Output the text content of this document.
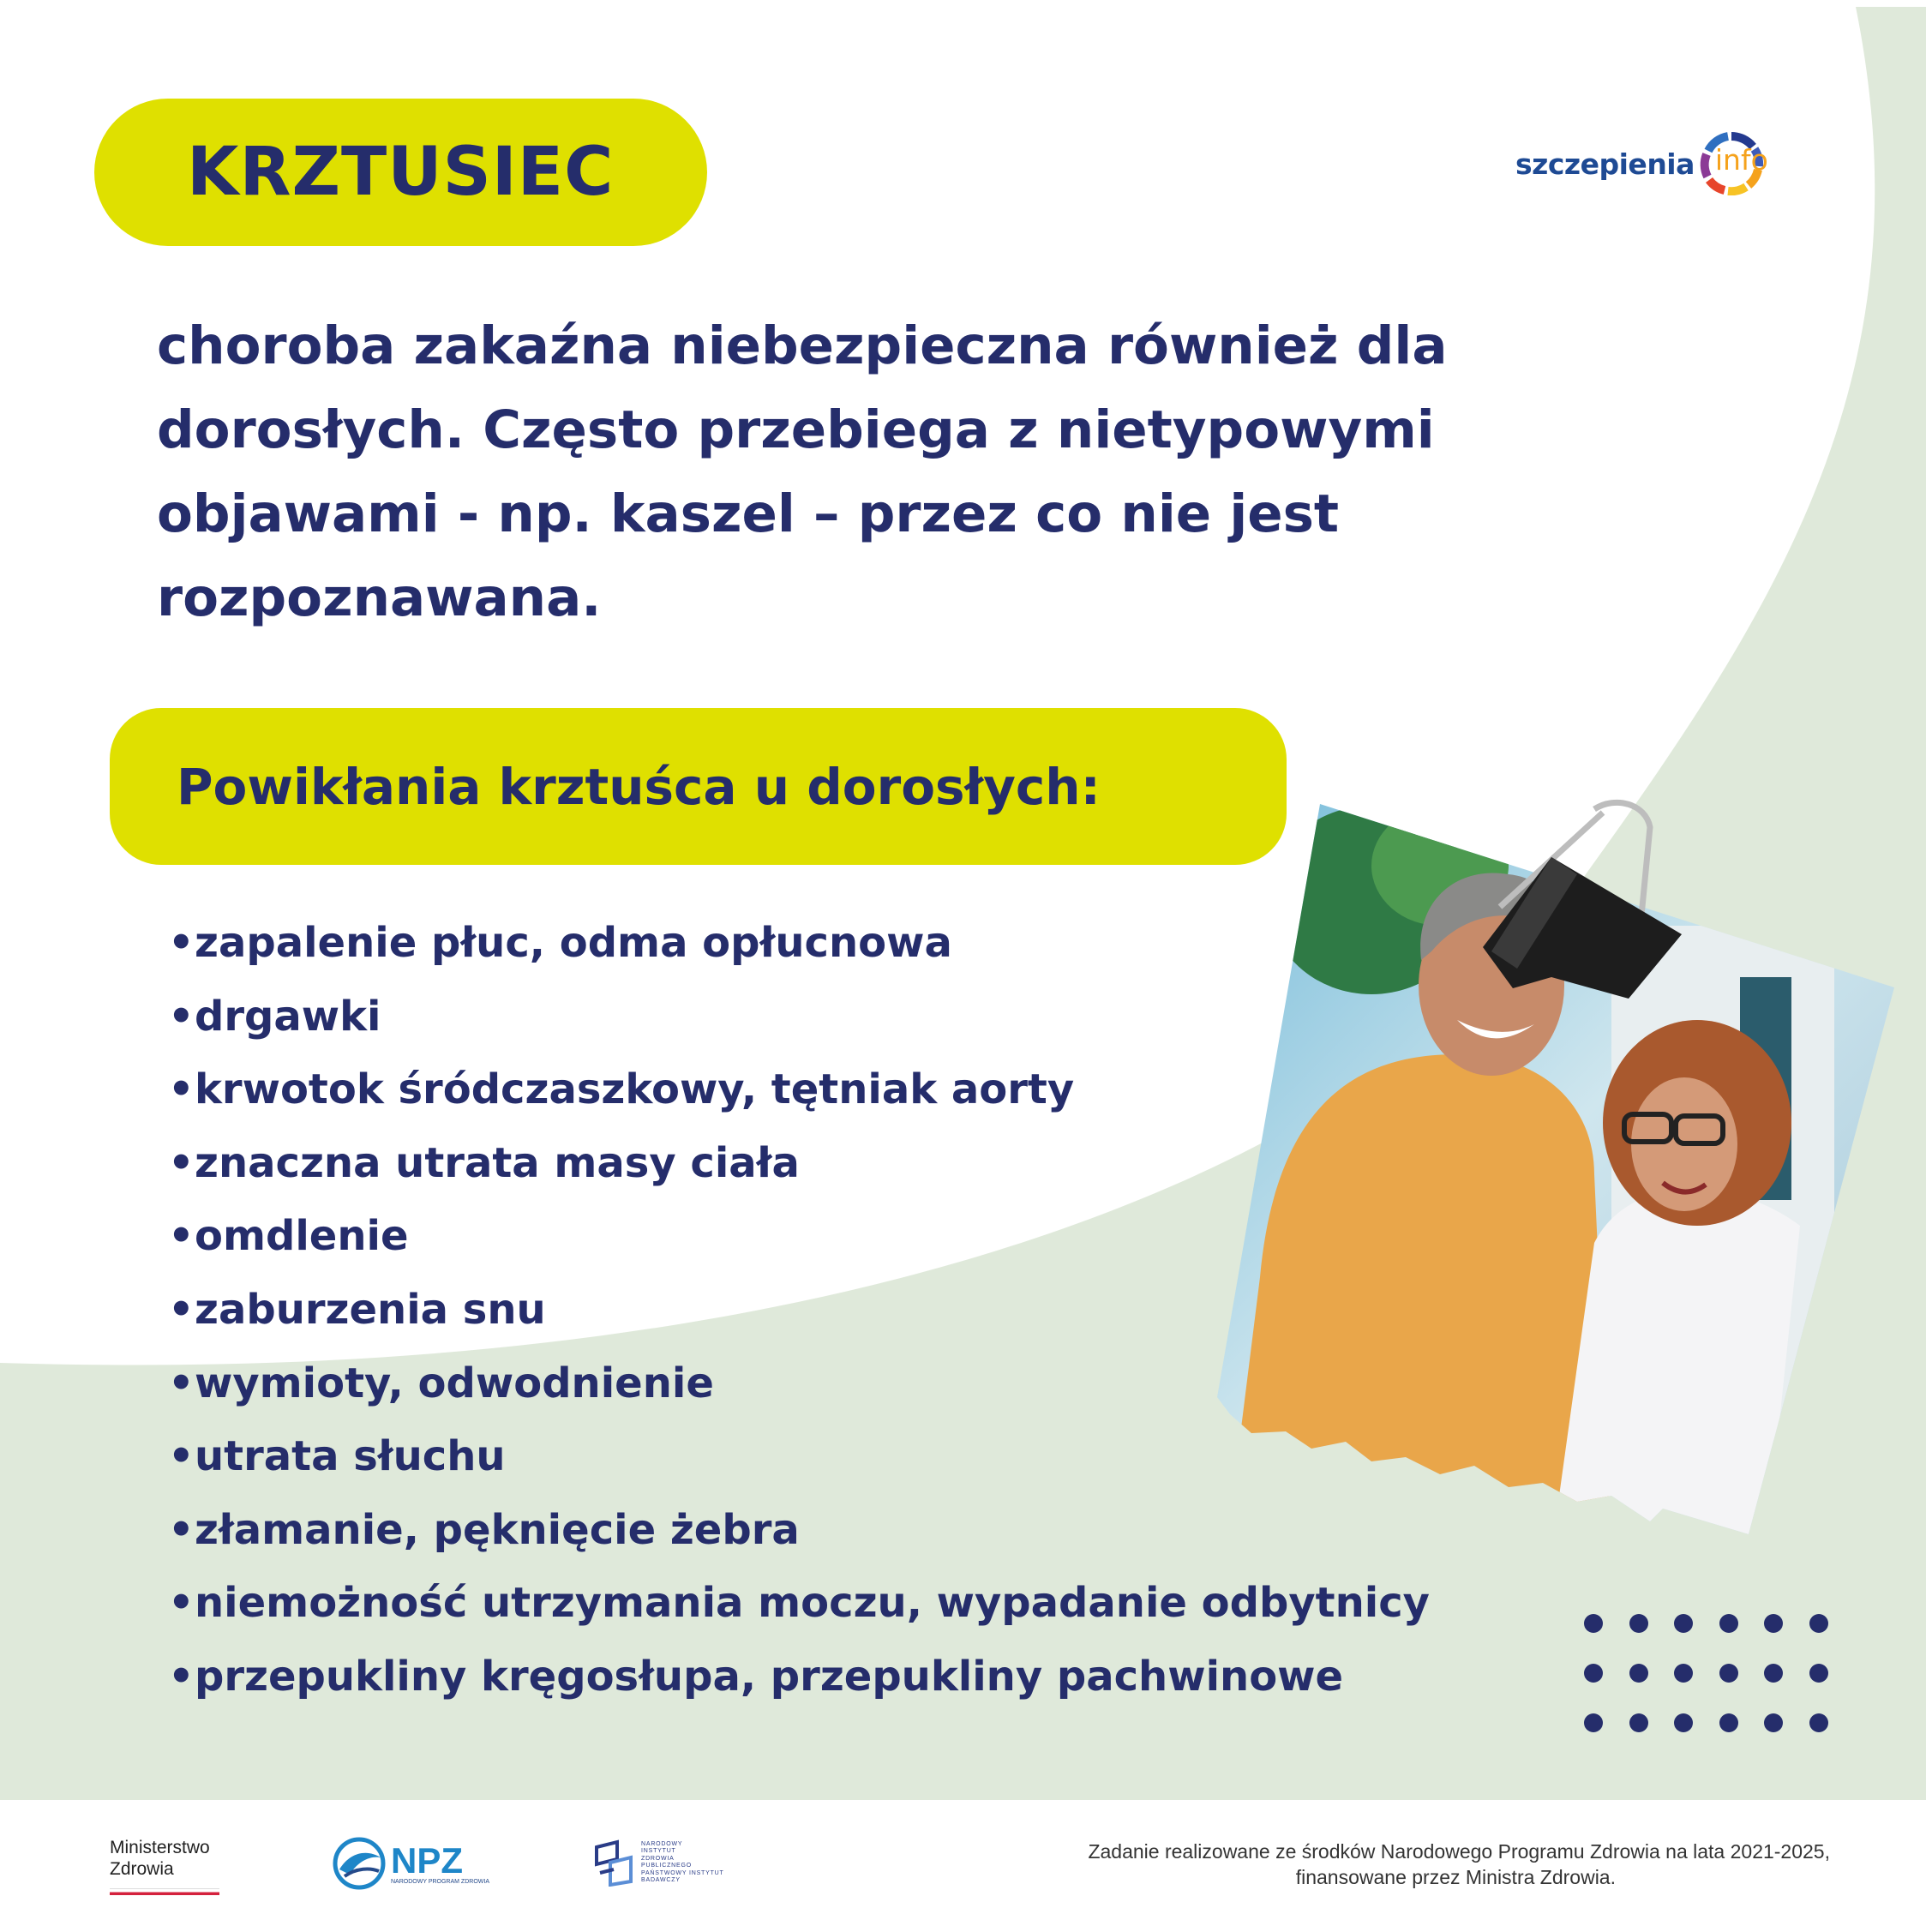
KRZTUSIEC	szczepienia info
choroba zakaźna niebezpieczna również dla
dorosłych. Często przebiega z nietypowymi
objawami - np. kaszel – przez co nie jest
rozpoznawana.
Powikłania krztuśca u dorosłych:
•zapalenie płuc, odma opłucnowa
•drgawki
•krwotok śródczaszkowy, tętniak aorty
•znaczna utrata masy ciała
•omdlenie
•zaburzenia snu
•wymioty, odwodnienie
•utrata słuchu
•złamanie, pęknięcie żebra
•niemożność utrzymania moczu, wypadanie odbytnicy
•przepukliny kręgosłupa, przepukliny pachwinowe
Ministerstwo
Zdrowia	NPZ
NARODOWY PROGRAM ZDROWIA
NARODOWY
INSTYTUT
ZDROWIA
PUBLICZNEGO
PAŃSTWOWY INSTYTUT
BADAWCZY
Zadanie realizowane ze środków Narodowego Programu Zdrowia na lata 2021-2025,
finansowane przez Ministra Zdrowia.
